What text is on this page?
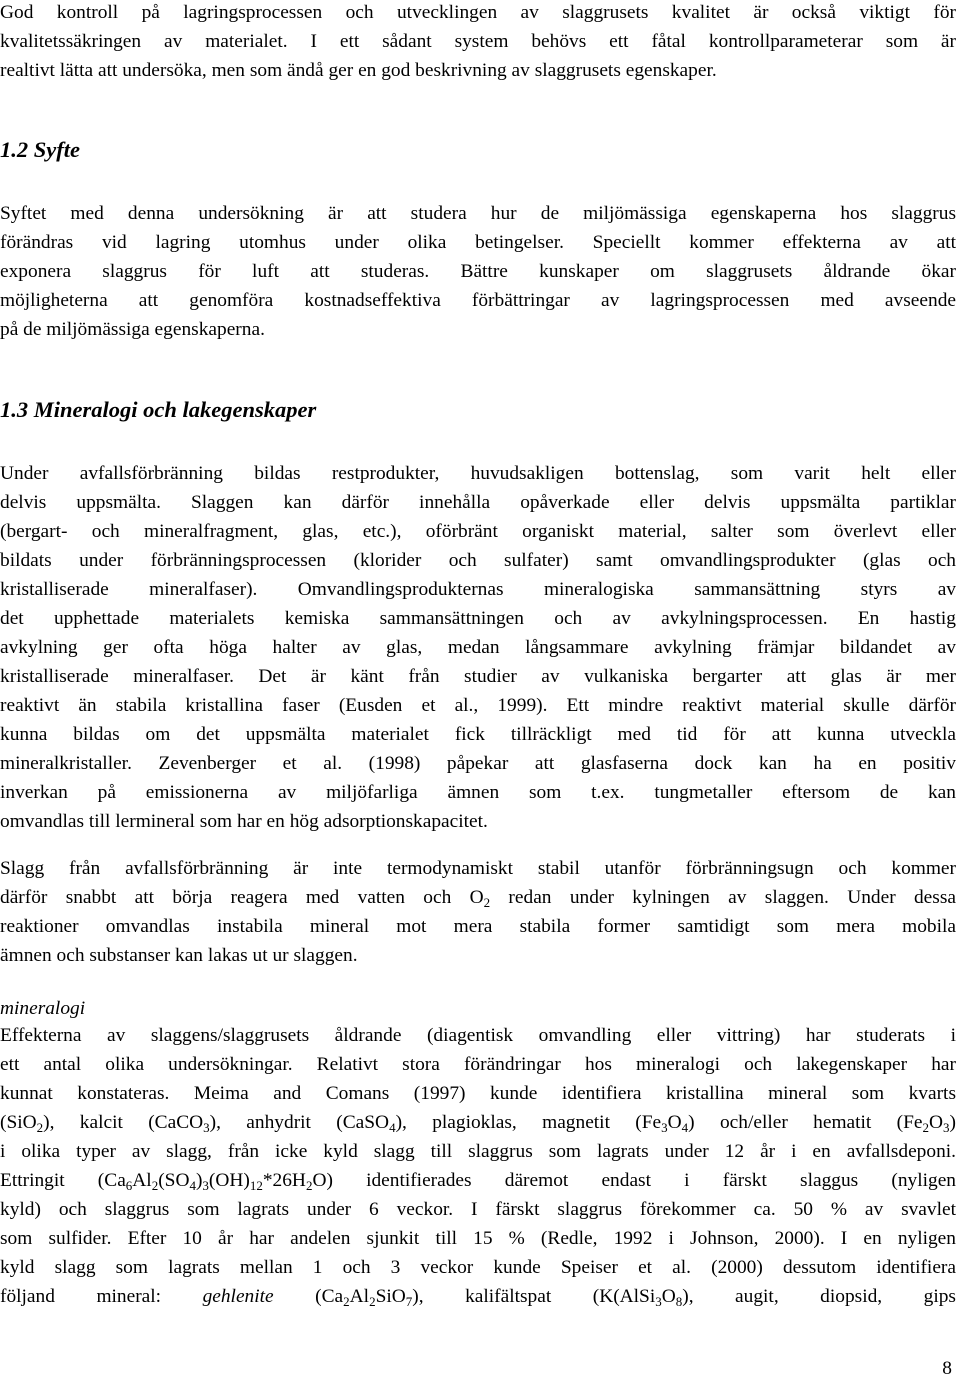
God kontroll på lagringsprocessen och utvecklingen av slaggrusets kvalitet är också viktigt för
kvalitetssäkringen av materialet. I ett sådant system behövs ett fåtal kontrollparameterar som är
realtivt lätta att undersöka, men som ändå ger en god beskrivning av slaggrusets egenskaper.
1.2 Syfte
Syftet med denna undersökning är att studera hur de miljömässiga egenskaperna hos slaggrus
förändras vid lagring utomhus under olika betingelser. Speciellt kommer effekterna av att
exponera slaggrus för luft att studeras. Bättre kunskaper om slaggrusets åldrande ökar
möjligheterna att genomföra kostnadseffektiva förbättringar av lagringsprocessen med avseende
på de miljömässiga egenskaperna.
1.3 Mineralogi och lakegenskaper
Under avfallsförbränning bildas restprodukter, huvudsakligen bottenslag, som varit helt eller
delvis uppsmälta. Slaggen kan därför innehålla opåverkade eller delvis uppsmälta partiklar
(bergart- och mineralfragment, glas, etc.), oförbränt organiskt material, salter som överlevt eller
bildats under förbränningsprocessen (klorider och sulfater) samt omvandlingsprodukter (glas och
kristalliserade mineralfaser). Omvandlingsprodukternas mineralogiska sammansättning styrs av
det upphettade materialets kemiska sammansättningen och av avkylningsprocessen. En hastig
avkylning ger ofta höga halter av glas, medan långsammare avkylning främjar bildandet av
kristalliserade mineralfaser. Det är känt från studier av vulkaniska bergarter att glas är mer
reaktivt än stabila kristallina faser (Eusden et al., 1999). Ett mindre reaktivt material skulle därför
kunna bildas om det uppsmälta materialet fick tillräckligt med tid för att kunna utveckla
mineralkristaller. Zevenberger et al. (1998) påpekar att glasfaserna dock kan ha en positiv
inverkan på emissionerna av miljöfarliga ämnen som t.ex. tungmetaller eftersom de kan
omvandlas till lermineral som har en hög adsorptionskapacitet.
Slagg från avfallsförbränning är inte termodynamiskt stabil utanför förbränningsugn och kommer
därför snabbt att börja reagera med vatten och $O_2$ redan under kylningen av slaggen. Under dessa
reaktioner omvandlas instabila mineral mot mera stabila former samtidigt som mera mobila
ämnen och substanser kan lakas ut ur slaggen.
mineralogi
Effekterna av slaggens/slaggrusets åldrande (diagentisk omvandling eller vittring) har studerats i
ett antal olika undersökningar. Relativt stora förändringar hos mineralogi och lakegenskaper har
kunnat konstateras. Meima and Comans (1997) kunde identifiera kristallina mineral som kvarts
(SiO$_2$), kalcit (CaCO$_3$), anhydrit (CaSO$_4$), plagioklas, magnetit $(Fe_3O_4)$ och/eller hematit $(Fe_2O_3)$
i olika typer av slagg, från icke kyld slagg till slaggrus som lagrats under 12 år i en avfallsdeponi.
Ettringit $(Ca_6Al_2(SO_4)_3(OH)_{12}*26H_2O)$ identifierades däremot endast i färskt slaggus (nyligen
kyld) och slaggrus som lagrats under 6 veckor. I färskt slaggrus förekommer ca. 50 % av svavlet
som sulfider. Efter 10 år har andelen sjunkit till 15 % (Redle, 1992 i Johnson, 2000). I en nyligen
kyld slagg som lagrats mellan 1 och 3 veckor kunde Speiser et al. (2000) dessutom identifiera
följand mineral: gehlenite $(Ca_2Al_2SiO_7)$, kalifältspat ($K(AlSi_3O_8)$, augit, diopsid, gips
8
